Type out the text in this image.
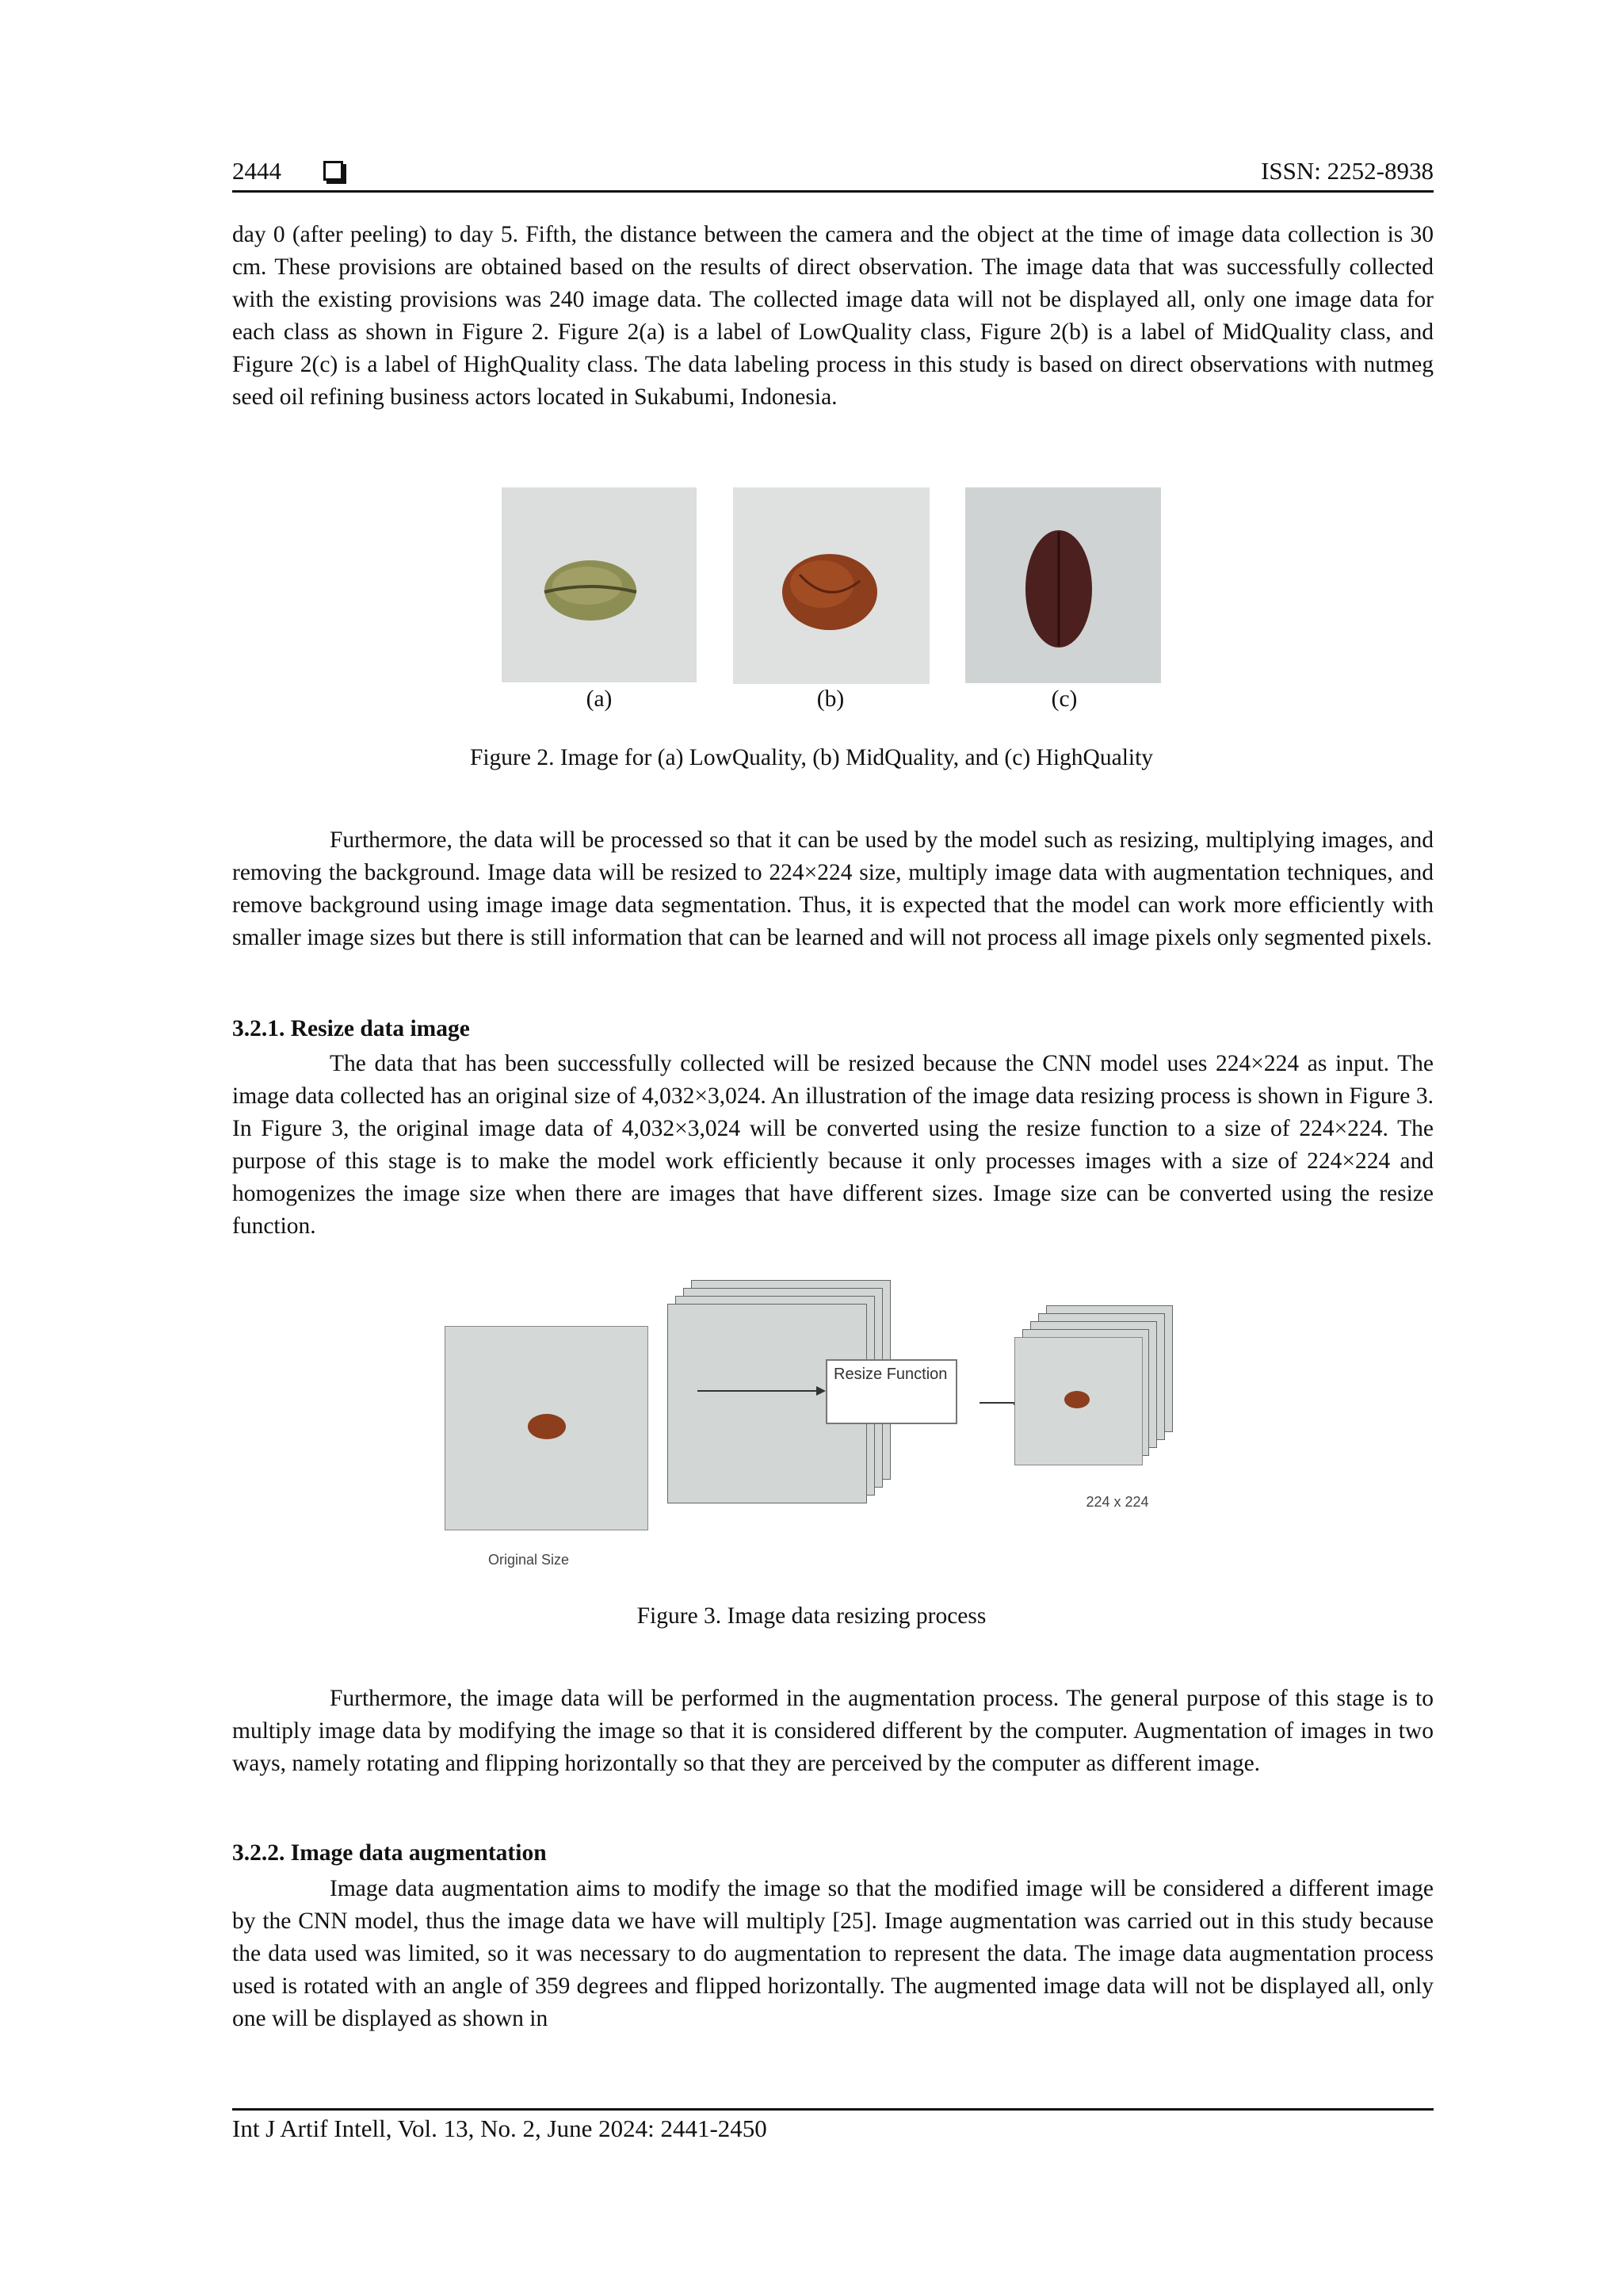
2444	ISSN: 2252-8938

day 0 (after peeling) to day 5. Fifth, the distance between the camera and the object at the time of image data collection is 30 cm. These provisions are obtained based on the results of direct observation. The image data that was successfully collected with the existing provisions was 240 image data. The collected image data will not be displayed all, only one image data for each class as shown in Figure 2. Figure 2(a) is a label of LowQuality class, Figure 2(b) is a label of MidQuality class, and Figure 2(c) is a label of HighQuality class. The data labeling process in this study is based on direct observations with nutmeg seed oil refining business actors located in Sukabumi, Indonesia.

(a)	(b)	(c)
Figure 2. Image for (a) LowQuality, (b) MidQuality, and (c) HighQuality

Furthermore, the data will be processed so that it can be used by the model such as resizing, multiplying images, and removing the background. Image data will be resized to 224×224 size, multiply image data with augmentation techniques, and remove background using image image data segmentation. Thus, it is expected that the model can work more efficiently with smaller image sizes but there is still information that can be learned and will not process all image pixels only segmented pixels.

3.2.1. Resize data image

The data that has been successfully collected will be resized because the CNN model uses 224×224 as input. The image data collected has an original size of 4,032×3,024. An illustration of the image data resizing process is shown in Figure 3. In Figure 3, the original image data of 4,032×3,024 will be converted using the resize function to a size of 224×224. The purpose of this stage is to make the model work efficiently because it only processes images with a size of 224×224 and homogenizes the image size when there are images that have different sizes. Image size can be converted using the resize function.

Resize Function
224 x 224
Original Size
Figure 3. Image data resizing process

Furthermore, the image data will be performed in the augmentation process. The general purpose of this stage is to multiply image data by modifying the image so that it is considered different by the computer. Augmentation of images in two ways, namely rotating and flipping horizontally so that they are perceived by the computer as different image.

3.2.2. Image data augmentation

Image data augmentation aims to modify the image so that the modified image will be considered a different image by the CNN model, thus the image data we have will multiply [25]. Image augmentation was carried out in this study because the data used was limited, so it was necessary to do augmentation to represent the data. The image data augmentation process used is rotated with an angle of 359 degrees and flipped horizontally. The augmented image data will not be displayed all, only one will be displayed as shown in

Int J Artif Intell, Vol. 13, No. 2, June 2024: 2441-2450
